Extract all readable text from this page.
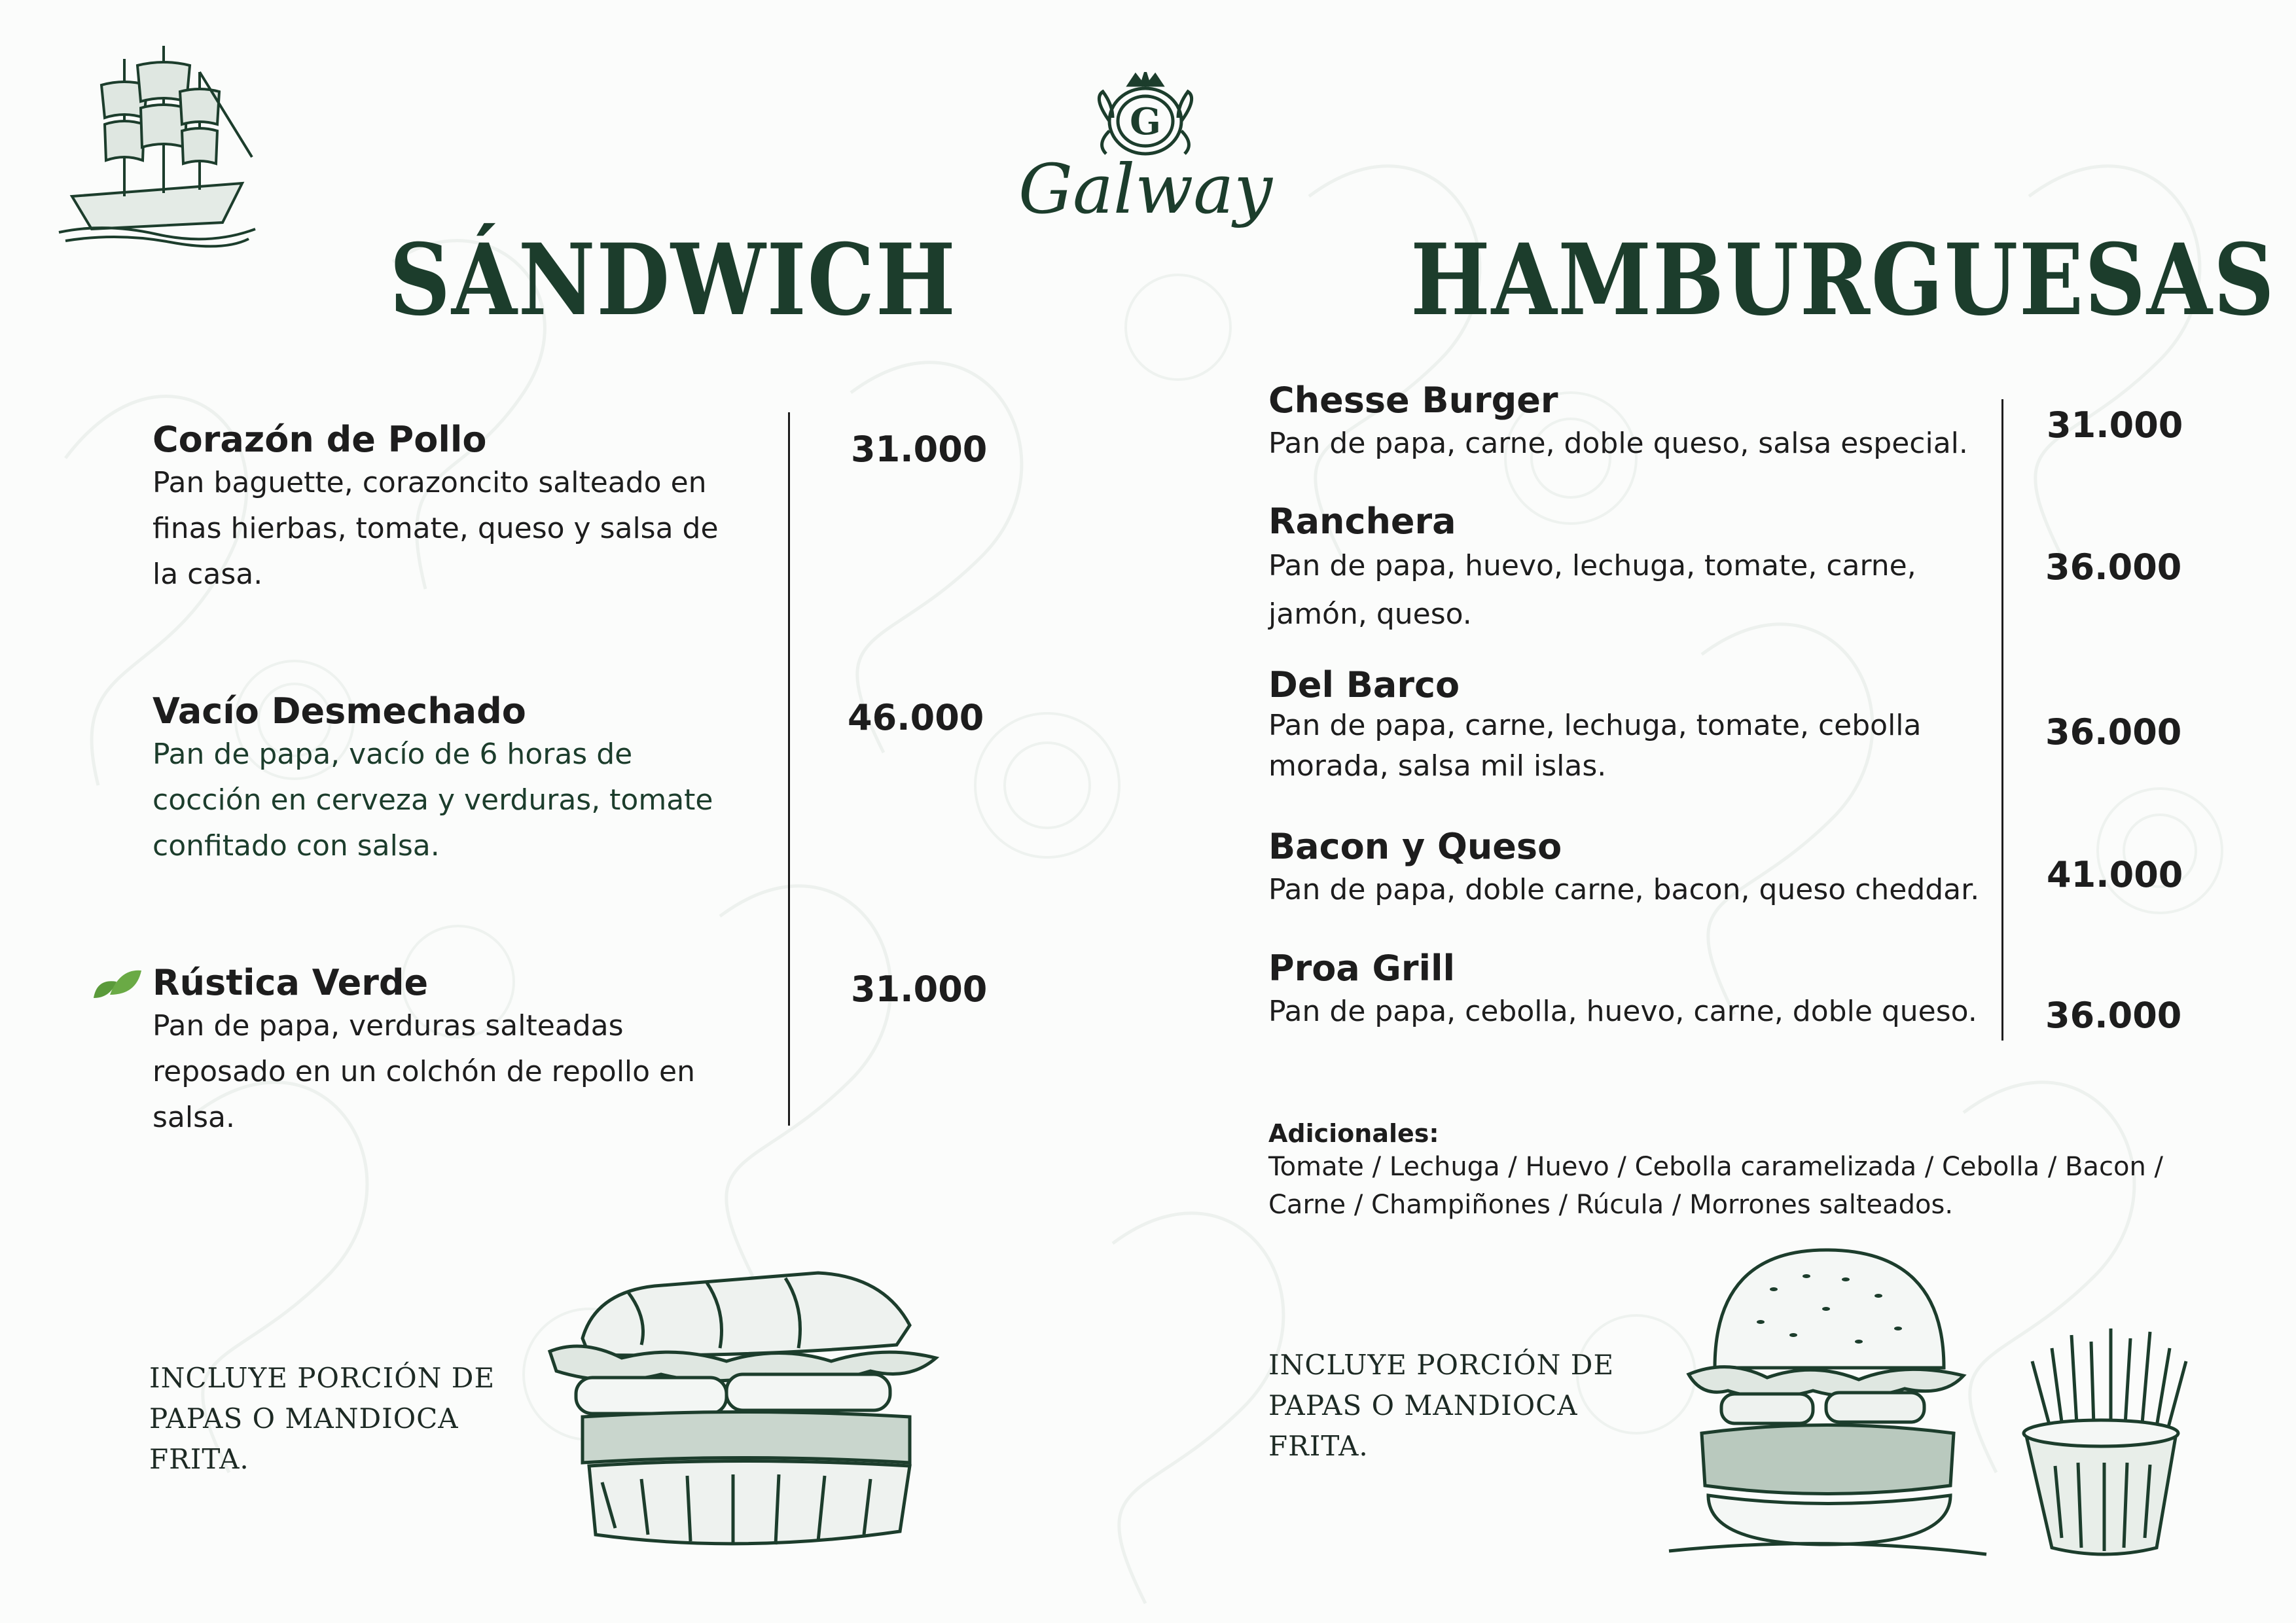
G
Galway
SÁNDWICH
Corazón de Pollo
Pan baguette, corazoncito salteado en finas hierbas, tomate, queso y salsa de la casa.
31.000
Vacío Desmechado
Pan de papa, vacío de 6 horas de cocción en cerveza y verduras, tomate confitado con salsa.
46.000
Rústica Verde
Pan de papa, verduras salteadas reposado en un colchón de repollo en salsa.
31.000
INCLUYE PORCIÓN DE PAPAS O MANDIOCA FRITA.
HAMBURGUESAS
Chesse Burger
Pan de papa, carne, doble queso, salsa especial.	31.000
Ranchera
Pan de papa, huevo, lechuga, tomate, carne, jamón, queso.
36.000
Del Barco
Pan de papa, carne, lechuga, tomate, cebolla morada, salsa mil islas.
36.000
Bacon y Queso
Pan de papa, doble carne, bacon, queso cheddar. 41.000
Proa Grill
Pan de papa, cebolla, huevo, carne, doble queso.	36.000
Adicionales:
Tomate / Lechuga / Huevo / Cebolla caramelizada / Cebolla / Bacon / Carne / Champiñones / Rúcula / Morrones salteados.
INCLUYE PORCIÓN DE PAPAS O MANDIOCA FRITA.
